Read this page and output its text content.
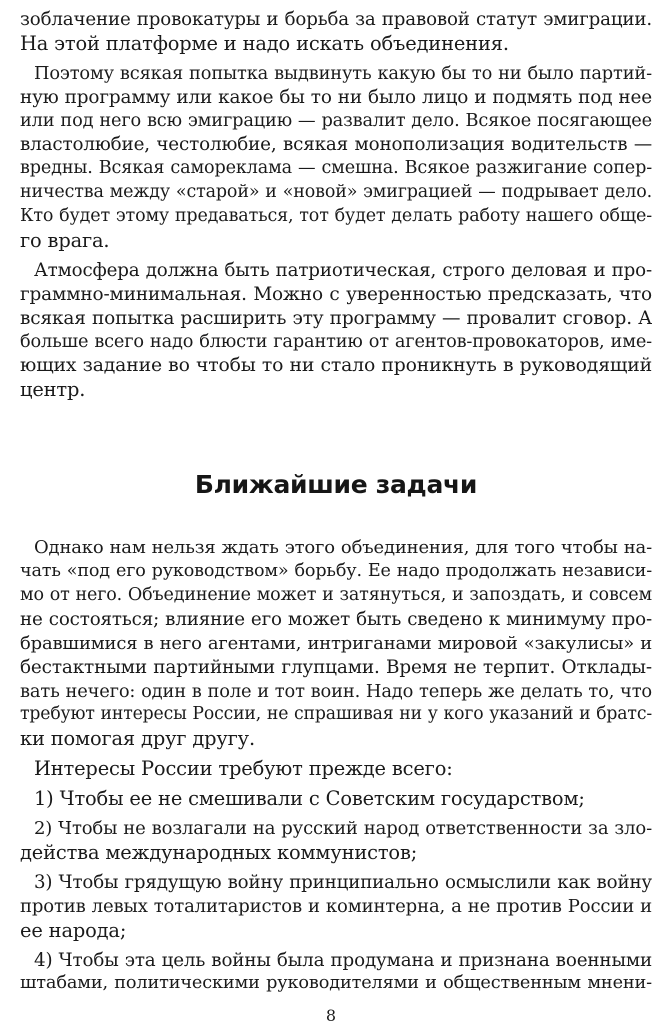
зоблачение провокатуры и борьба за правовой статут эмиграции.
На этой платформе и надо искать объединения.
Поэтому всякая попытка выдвинуть какую бы то ни было партий-
ную программу или какое бы то ни было лицо и подмять под нее
или под него всю эмиграцию — развалит дело. Всякое посягающее
властолюбие, честолюбие, всякая монополизация водительств —
вредны. Всякая самореклама — смешна. Всякое разжигание сопер-
ничества между «старой» и «новой» эмиграцией — подрывает дело.
Кто будет этому предаваться, тот будет делать работу нашего обще-
го врага.
Атмосфера должна быть патриотическая, строго деловая и про-
граммно-минимальная. Можно с уверенностью предсказать, что
всякая попытка расширить эту программу — провалит сговор. А
больше всего надо блюсти гарантию от агентов-провокаторов, име-
ющих задание во чтобы то ни стало проникнуть в руководящий
центр.
Ближайшие задачи
Однако нам нельзя ждать этого объединения, для того чтобы на-
чать «под его руководством» борьбу. Ее надо продолжать независи-
мо от него. Объединение может и затянуться, и запоздать, и совсем
не состояться; влияние его может быть сведено к минимуму про-
бравшимися в него агентами, интриганами мировой «закулисы» и
бестактными партийными глупцами. Время не терпит. Отклады-
вать нечего: один в поле и тот воин. Надо теперь же делать то, что
требуют интересы России, не спрашивая ни у кого указаний и братс-
ки помогая друг другу.
Интересы России требуют прежде всего:
1) Чтобы ее не смешивали с Советским государством;
2) Чтобы не возлагали на русский народ ответственности за зло-
действа международных коммунистов;
3) Чтобы грядущую войну принципиально осмыслили как войну
против левых тоталитаристов и коминтерна, а не против России и
ее народа;
4) Чтобы эта цель войны была продумана и признана военными
штабами, политическими руководителями и общественным мнени-
8
